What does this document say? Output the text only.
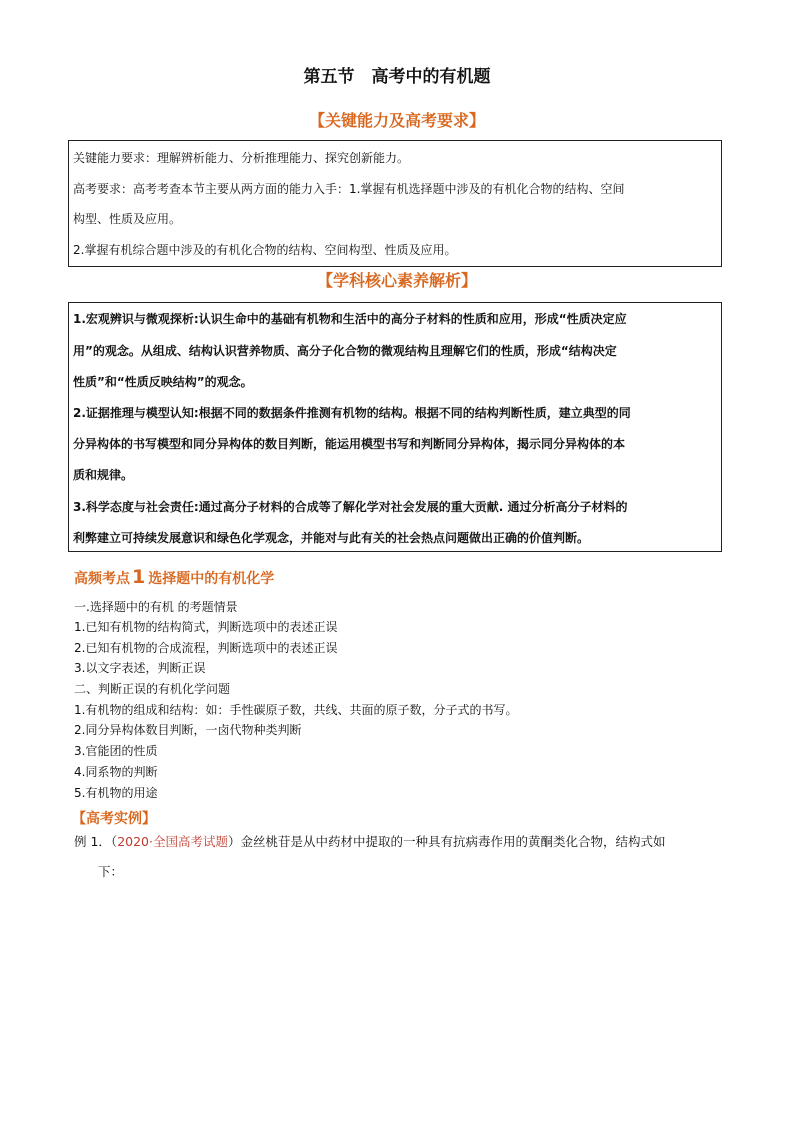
第五节　高考中的有机题
【关键能力及高考要求】
关键能力要求：理解辨析能力、分析推理能力、探究创新能力。
高考要求：高考考查本节主要从两方面的能力入手：1.掌握有机选择题中涉及的有机化合物的结构、空间
构型、性质及应用。
2.掌握有机综合题中涉及的有机化合物的结构、空间构型、性质及应用。
【学科核心素养解析】
1.宏观辨识与微观探析:认识生命中的基础有机物和生活中的高分子材料的性质和应用，形成“性质决定应
用”的观念。从组成、结构认识营养物质、高分子化合物的微观结构且理解它们的性质，形成“结构决定
性质”和“性质反映结构”的观念。
2.证据推理与模型认知:根据不同的数据条件推测有机物的结构。根据不同的结构判断性质，建立典型的同
分异构体的书写模型和同分异构体的数目判断，能运用模型书写和判断同分异构体，揭示同分异构体的本
质和规律。
3.科学态度与社会责任:通过高分子材料的合成等了解化学对社会发展的重大贡献. 通过分析高分子材料的
利弊建立可持续发展意识和绿色化学观念，并能对与此有关的社会热点问题做出正确的价值判断。
高频考点 1 选择题中的有机化学
一.选择题中的有机 的考题情景
1.已知有机物的结构简式，判断选项中的表述正误
2.已知有机物的合成流程，判断选项中的表述正误
3.以文字表述，判断正误
二、判断正误的有机化学问题
1.有机物的组成和结构：如：手性碳原子数，共线、共面的原子数，分子式的书写。
2.同分异构体数目判断，一卤代物种类判断
3.官能团的性质
4.同系物的判断
5.有机物的用途
【高考实例】
例 1．（2020·全国高考试题）金丝桃苷是从中药材中提取的一种具有抗病毒作用的黄酮类化合物，结构式如
下：
